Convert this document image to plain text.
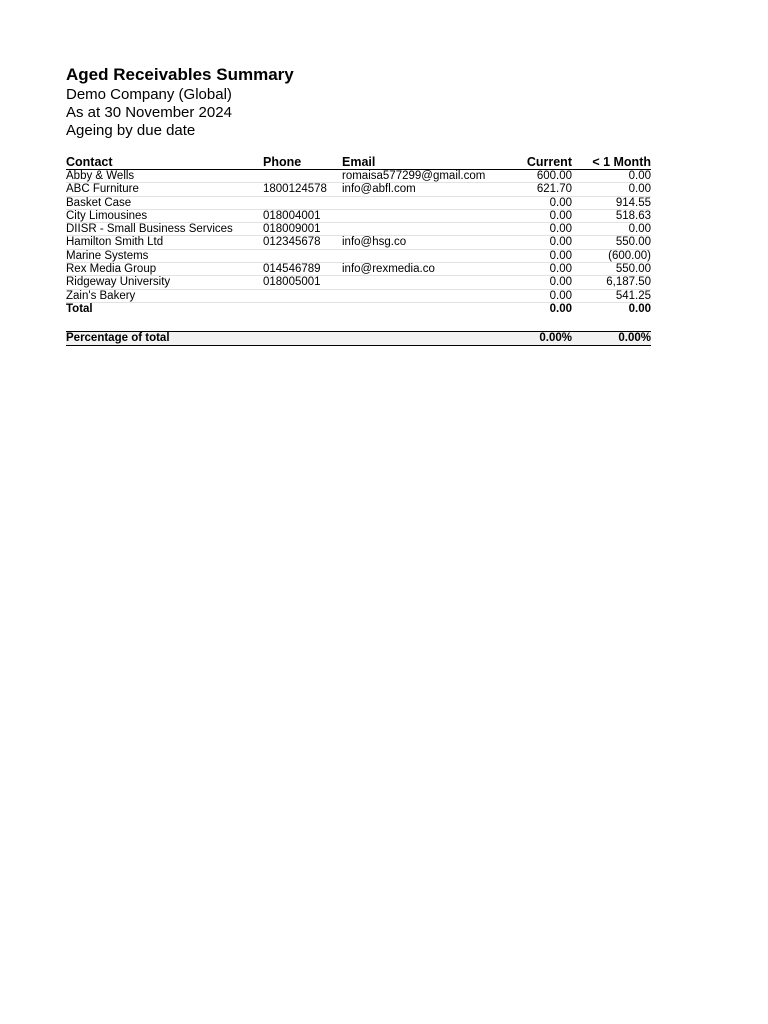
Aged Receivables Summary
Demo Company (Global)
As at 30 November 2024
Ageing by due date
Contact	Phone	Email	Current	< 1 Month
Abby & Wells		romaisa577299@gmail.com	600.00	0.00
ABC Furniture	1800124578	info@abfl.com	621.70	0.00
Basket Case			0.00	914.55
City Limousines	018004001		0.00	518.63
DIISR - Small Business Services	018009001		0.00	0.00
Hamilton Smith Ltd	012345678	info@hsg.co	0.00	550.00
Marine Systems			0.00	(600.00)
Rex Media Group	014546789	info@rexmedia.co	0.00	550.00
Ridgeway University	018005001		0.00	6,187.50
Zain's Bakery			0.00	541.25
Total			0.00	0.00

Percentage of total			0.00%	0.00%
